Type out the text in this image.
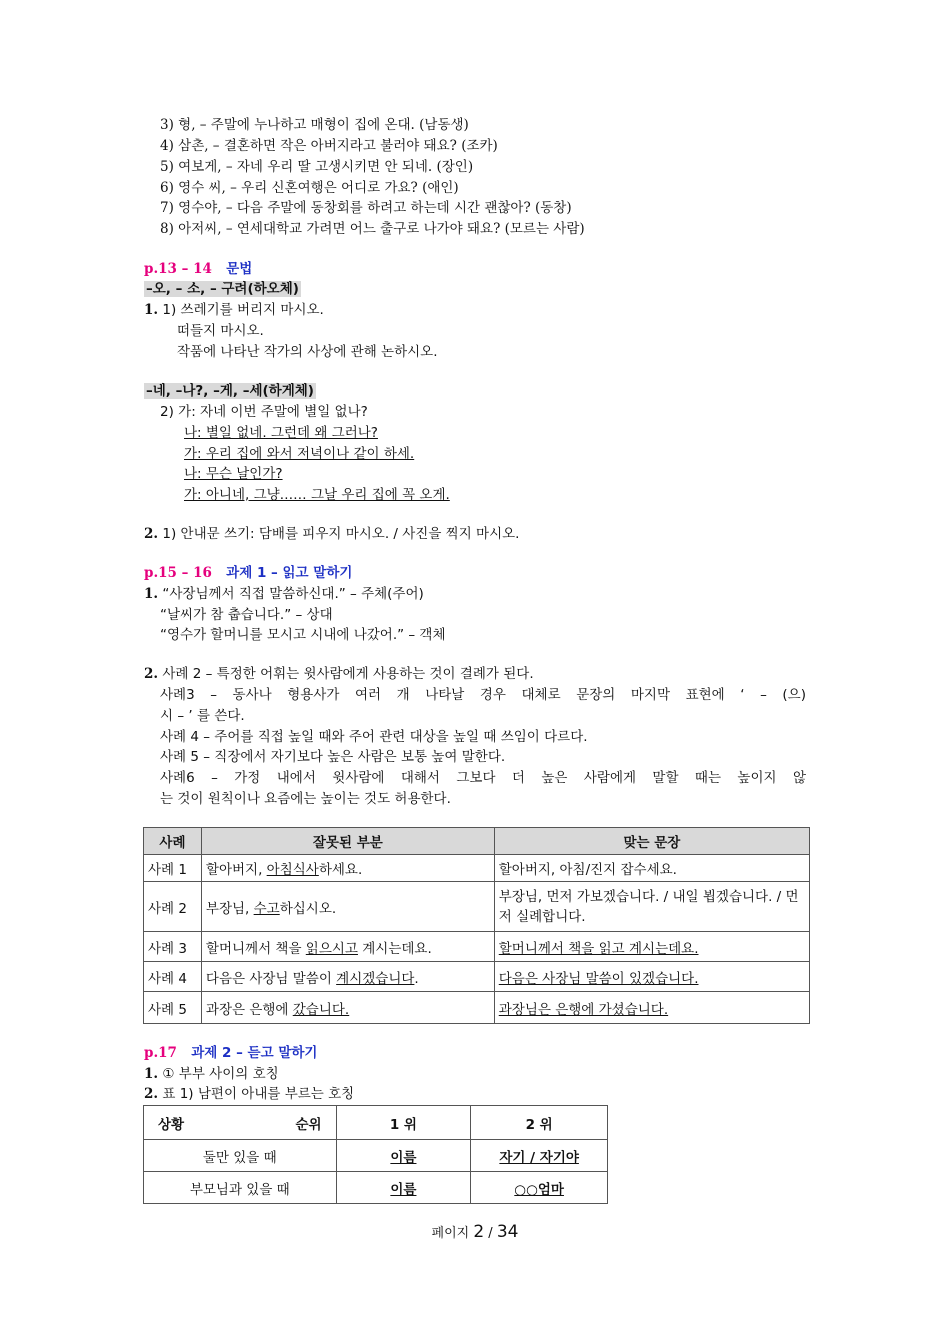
3) 형, – 주말에 누나하고 매형이 집에 온대. (남동생)
4) 삼촌, – 결혼하면 작은 아버지라고 불러야 돼요? (조카)
5) 여보게, – 자네 우리 딸 고생시키면 안 되네. (장인)
6) 영수 씨, – 우리 신혼여행은 어디로 가요? (애인)
7) 영수야, – 다음 주말에 동창회를 하려고 하는데 시간 괜찮아? (동창)
8) 아저씨, – 연세대학교 가려면 어느 출구로 나가야 돼요? (모르는 사람)
p.13 – 14 문법
–오, – 소, – 구려(하오체)
1. 1) 쓰레기를 버리지 마시오.
떠들지 마시오.
작품에 나타난 작가의 사상에 관해 논하시오.
–네, –나?, –게, –세(하게체)
2) 가: 자네 이번 주말에 별일 없나?
나: 별일 없네. 그런데 왜 그러나?
가: 우리 집에 와서 저녁이나 같이 하세.
나: 무슨 날인가?
가: 아니네, 그냥…… 그날 우리 집에 꼭 오게.
2. 1) 안내문 쓰기: 담배를 피우지 마시오. / 사진을 찍지 마시오.
p.15 – 16 과제 1 – 읽고 말하기
1. “사장님께서 직접 말씀하신대.” – 주체(주어)
“날씨가 참 춥습니다.” – 상대
“영수가 할머니를 모시고 시내에 나갔어.” – 객체
2. 사례 2 – 특정한 어휘는 윗사람에게 사용하는 것이 결례가 된다.
사례3 – 동사나 형용사가 여러 개 나타날 경우 대체로 문장의 마지막 표현에 ‘ – (으)
시 – ’ 를 쓴다.
사례 4 – 주어를 직접 높일 때와 주어 관련 대상을 높일 때 쓰임이 다르다.
사례 5 – 직장에서 자기보다 높은 사람은 보통 높여 말한다.
사례6 – 가정 내에서 윗사람에 대해서 그보다 더 높은 사람에게 말할 때는 높이지 않
는 것이 원칙이나 요즘에는 높이는 것도 허용한다.
사례	잘못된 부분	맞는 문장
사례 1	할아버지, 아침식사하세요.	할아버지, 아침/진지 잡수세요.
사례 2	부장님, 수고하십시오.	부장님, 먼저 가보겠습니다. / 내일 뵙겠습니다. / 먼저 실례합니다.
사례 3	할머니께서 책을 읽으시고 계시는데요.	할머니께서 책을 읽고 계시는데요.
사례 4	다음은 사장님 말씀이 계시겠습니다.	다음은 사장님 말씀이 있겠습니다.
사례 5	과장은 은행에 갔습니다.	과장님은 은행에 가셨습니다.
p.17 과제 2 – 듣고 말하기
1. ① 부부 사이의 호칭
2. 표 1) 남편이 아내를 부르는 호칭
상황 순위	1 위	2 위
둘만 있을 때	이름	자기 / 자기야
부모님과 있을 때	이름	○○엄마
페이지 2 / 34
